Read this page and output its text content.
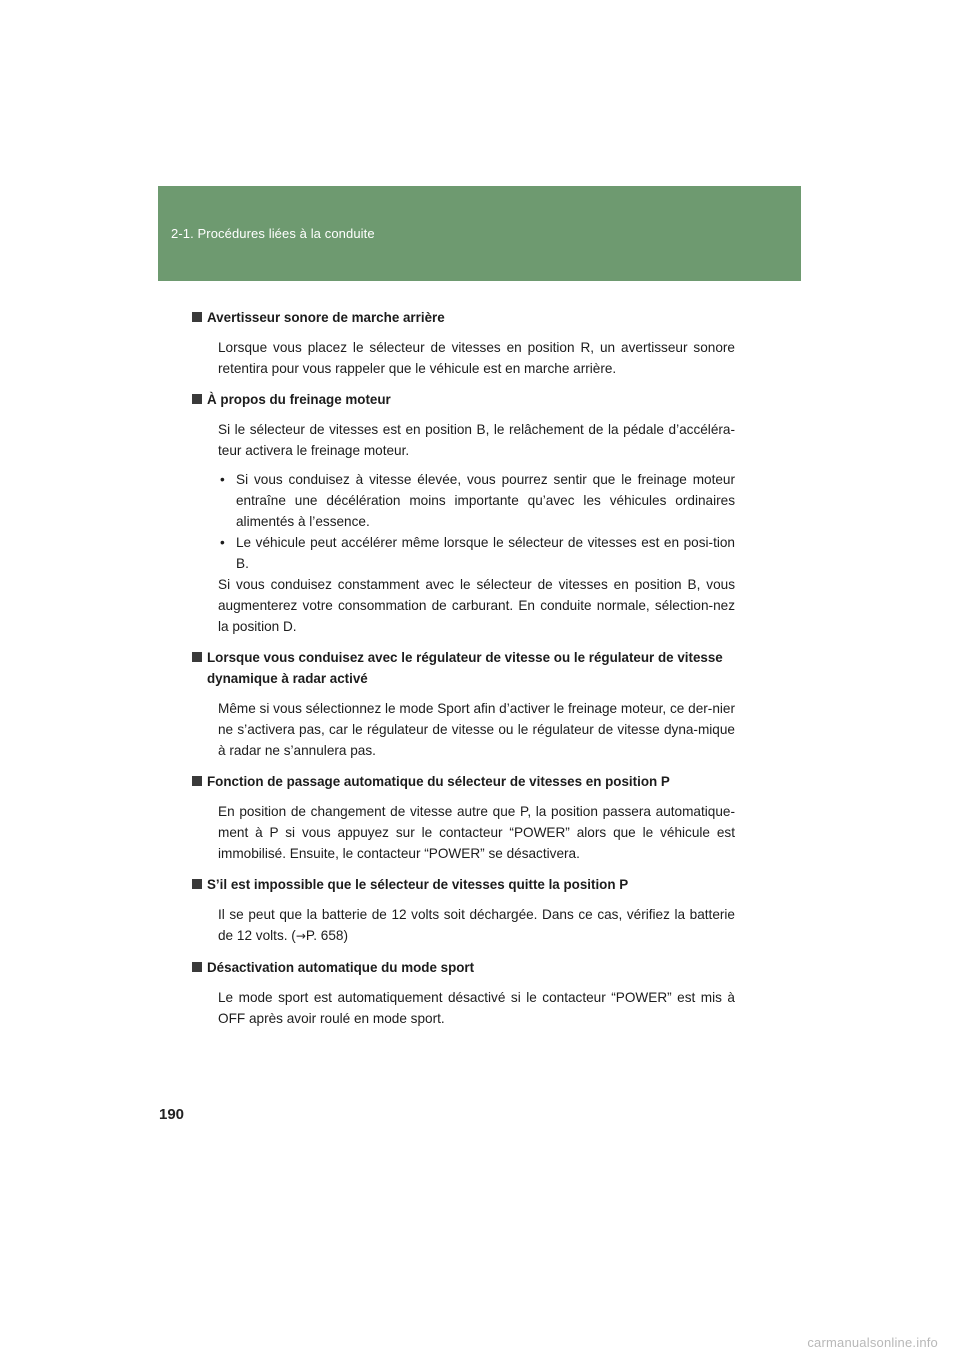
2-1. Procédures liées à la conduite
Avertisseur sonore de marche arrière
Lorsque vous placez le sélecteur de vitesses en position R, un avertisseur sonore retentira pour vous rappeler que le véhicule est en marche arrière.
À propos du freinage moteur
Si le sélecteur de vitesses est en position B, le relâchement de la pédale d’accéléra-teur activera le freinage moteur.
• Si vous conduisez à vitesse élevée, vous pourrez sentir que le freinage moteur entraîne une décélération moins importante qu’avec les véhicules ordinaires alimentés à l’essence.
• Le véhicule peut accélérer même lorsque le sélecteur de vitesses est en posi-tion B.
Si vous conduisez constamment avec le sélecteur de vitesses en position B, vous augmenterez votre consommation de carburant. En conduite normale, sélection-nez la position D.
Lorsque vous conduisez avec le régulateur de vitesse ou le régulateur de vitesse dynamique à radar activé
Même si vous sélectionnez le mode Sport afin d’activer le freinage moteur, ce der-nier ne s’activera pas, car le régulateur de vitesse ou le régulateur de vitesse dyna-mique à radar ne s’annulera pas.
Fonction de passage automatique du sélecteur de vitesses en position P
En position de changement de vitesse autre que P, la position passera automatique-ment à P si vous appuyez sur le contacteur “POWER” alors que le véhicule est immobilisé. Ensuite, le contacteur “POWER” se désactivera.
S’il est impossible que le sélecteur de vitesses quitte la position P
Il se peut que la batterie de 12 volts soit déchargée. Dans ce cas, vérifiez la batterie de 12 volts. (→P. 658)
Désactivation automatique du mode sport
Le mode sport est automatiquement désactivé si le contacteur “POWER” est mis à OFF après avoir roulé en mode sport.
190
carmanualsonline.info
